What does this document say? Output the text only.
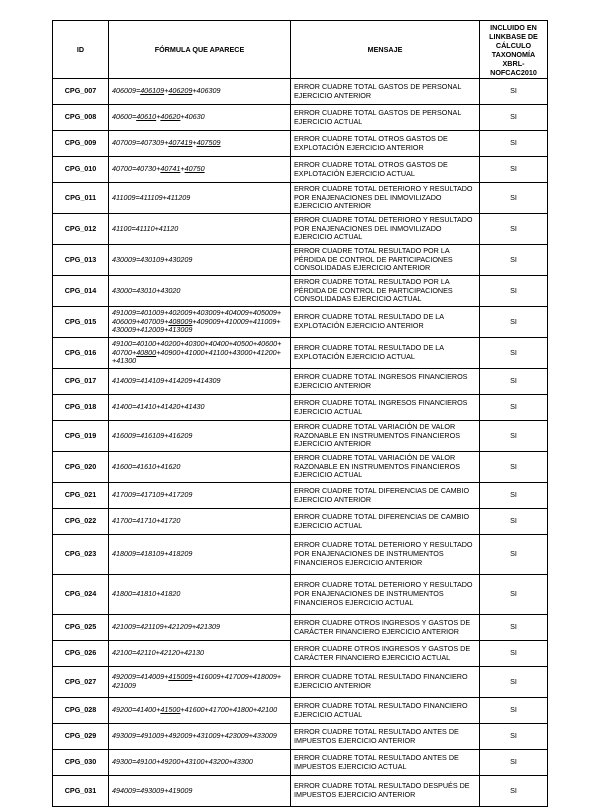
ID	FÓRMULA QUE APARECE	MENSAJE	INCLUIDO EN LINKBASE DE CÁLCULO TAXONOMÍA XBRL-NOFCAC2010
CPG_007	406009=406109+406209+406309	ERROR CUADRE TOTAL GASTOS DE PERSONAL EJERCICIO ANTERIOR	SI
CPG_008	40600=40610+40620+40630	ERROR CUADRE TOTAL GASTOS DE PERSONAL EJERCICIO ACTUAL	SI
CPG_009	407009=407309+407419+407509	ERROR CUADRE TOTAL OTROS GASTOS DE EXPLOTACIÓN EJERCICIO ANTERIOR	SI
CPG_010	40700=40730+40741+40750	ERROR CUADRE TOTAL OTROS GASTOS DE EXPLOTACIÓN EJERCICIO ACTUAL	SI
CPG_011	411009=411109+411209	ERROR CUADRE TOTAL DETERIORO Y RESULTADO POR ENAJENACIONES DEL INMOVILIZADO EJERCICIO ANTERIOR	SI
CPG_012	41100=41110+41120	ERROR CUADRE TOTAL DETERIORO Y RESULTADO POR ENAJENACIONES DEL INMOVILIZADO EJERCICIO ACTUAL	SI
CPG_013	430009=430109+430209	ERROR CUADRE TOTAL RESULTADO POR LA PÉRDIDA DE CONTROL DE PARTICIPACIONES CONSOLIDADAS EJERCICIO ANTERIOR	SI
CPG_014	43000=43010+43020	ERROR CUADRE TOTAL RESULTADO POR LA PÉRDIDA DE CONTROL DE PARTICIPACIONES CONSOLIDADAS EJERCICIO ACTUAL	SI
CPG_015	491009=401009+402009+403009+404009+405009+ 406009+407009+408009+409009+410009+411009+ 430009+412009+413009	ERROR CUADRE TOTAL RESULTADO DE LA EXPLOTACIÓN EJERCICIO ANTERIOR	SI
CPG_016	49100=40100+40200+40300+40400+40500+40600+ 40700+40800+40900+41000+41100+43000+41200+ +41300	ERROR CUADRE TOTAL RESULTADO DE LA EXPLOTACIÓN EJERCICIO ACTUAL	SI
CPG_017	414009=414109+414209+414309	ERROR CUADRE TOTAL INGRESOS FINANCIEROS EJERCICIO ANTERIOR	SI
CPG_018	41400=41410+41420+41430	ERROR CUADRE TOTAL INGRESOS FINANCIEROS EJERCICIO ACTUAL	SI
CPG_019	416009=416109+416209	ERROR CUADRE TOTAL VARIACIÓN DE VALOR RAZONABLE EN INSTRUMENTOS FINANCIEROS EJERCICIO ANTERIOR	SI
CPG_020	41600=41610+41620	ERROR CUADRE TOTAL VARIACIÓN DE VALOR RAZONABLE EN INSTRUMENTOS FINANCIEROS EJERCICIO ACTUAL	SI
CPG_021	417009=417109+417209	ERROR CUADRE TOTAL DIFERENCIAS DE CAMBIO EJERCICIO ANTERIOR	SI
CPG_022	41700=41710+41720	ERROR CUADRE TOTAL DIFERENCIAS DE CAMBIO EJERCICIO ACTUAL	SI
CPG_023	418009=418109+418209	ERROR CUADRE TOTAL DETERIORO Y RESULTADO POR ENAJENACIONES DE INSTRUMENTOS FINANCIEROS EJERCICIO ANTERIOR	SI
CPG_024	41800=41810+41820	ERROR CUADRE TOTAL DETERIORO Y RESULTADO POR ENAJENACIONES DE INSTRUMENTOS FINANCIEROS EJERCICIO ACTUAL	SI
CPG_025	421009=421109+421209+421309	ERROR CUADRE OTROS INGRESOS Y GASTOS DE CARÁCTER FINANCIERO EJERCICIO ANTERIOR	SI
CPG_026	42100=42110+42120+42130	ERROR CUADRE OTROS INGRESOS Y GASTOS DE CARÁCTER FINANCIERO EJERCICIO ACTUAL	SI
CPG_027	492009=414009+415009+416009+417009+418009+ 421009	ERROR CUADRE TOTAL RESULTADO FINANCIERO EJERCICIO ANTERIOR	SI
CPG_028	49200=41400+41500+41600+41700+41800+42100	ERROR CUADRE TOTAL RESULTADO FINANCIERO EJERCICIO ACTUAL	SI
CPG_029	493009=491009+492009+431009+423009+433009	ERROR CUADRE TOTAL RESULTADO ANTES DE IMPUESTOS EJERCICIO ANTERIOR	SI
CPG_030	49300=49100+49200+43100+43200+43300	ERROR CUADRE TOTAL RESULTADO ANTES DE IMPUESTOS EJERCICIO ACTUAL	SI
CPG_031	494009=493009+419009	ERROR CUADRE TOTAL RESULTADO DESPUÉS DE IMPUESTOS EJERCICIO ANTERIOR	SI
